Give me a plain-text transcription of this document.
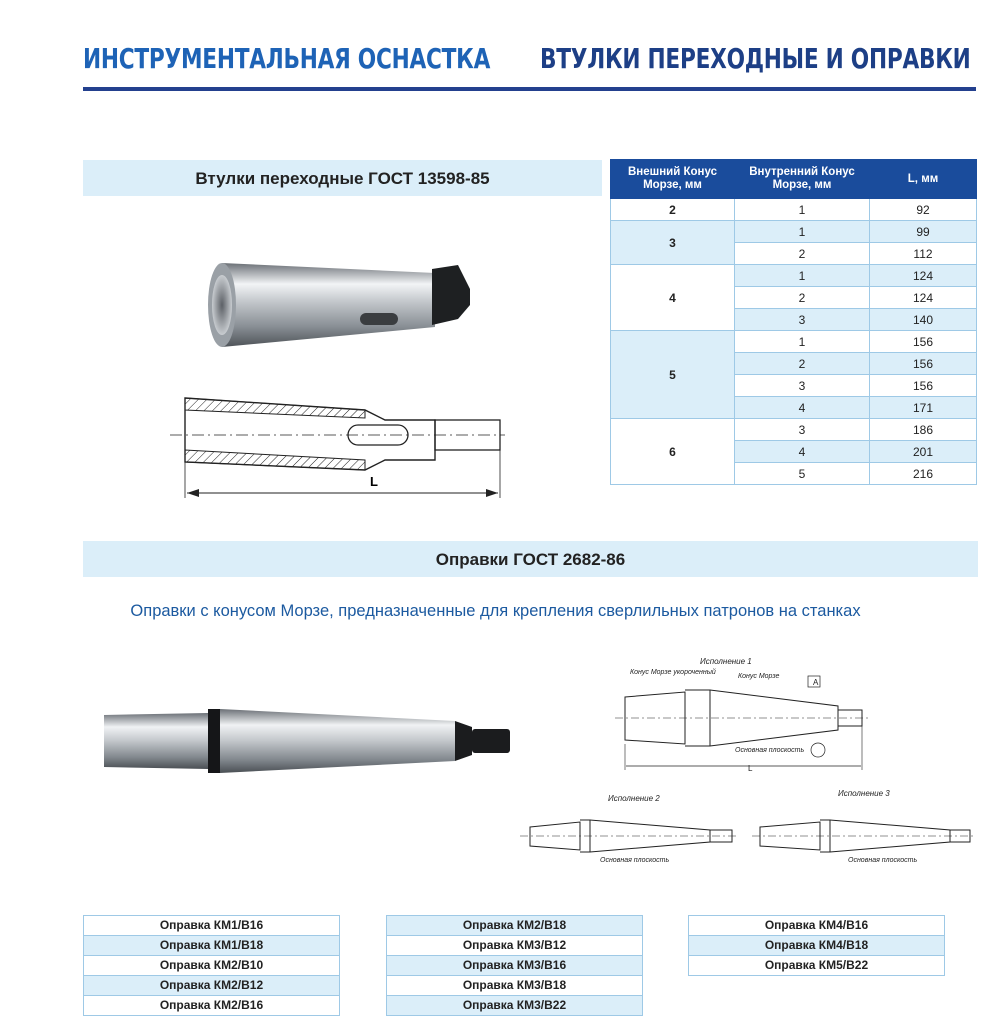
ИНСТРУМЕНТАЛЬНАЯ ОСНАСТКА ВТУЛКИ ПЕРЕХОДНЫЕ И ОПРАВКИ
Втулки переходные ГОСТ 13598-85
L
Внешний Конус Морзе, мм	Внутренний Конус Морзе, мм	L, мм
2	1	92
3	1	99
	2	112
4	1	124
	2	124
	3	140
5	1	156
	2	156
	3	156
	4	171
6	3	186
	4	201
	5	216
Оправки ГОСТ 2682-86
Оправки с конусом Морзе, предназначенные для крепления сверлильных патронов на станках
Исполнение 1
Исполнение 2
Исполнение 3
Конус Морзе укороченный
Конус Морзе
Основная плоскость
Основная плоскость	Основная плоскость
А
L
Оправка КМ1/В16
Оправка КМ1/В18
Оправка КМ2/В10
Оправка КМ2/В12
Оправка КМ2/В16
Оправка КМ2/В18
Оправка КМ3/В12
Оправка КМ3/В16
Оправка КМ3/В18
Оправка КМ3/В22
Оправка КМ4/В16
Оправка КМ4/В18
Оправка КМ5/В22
